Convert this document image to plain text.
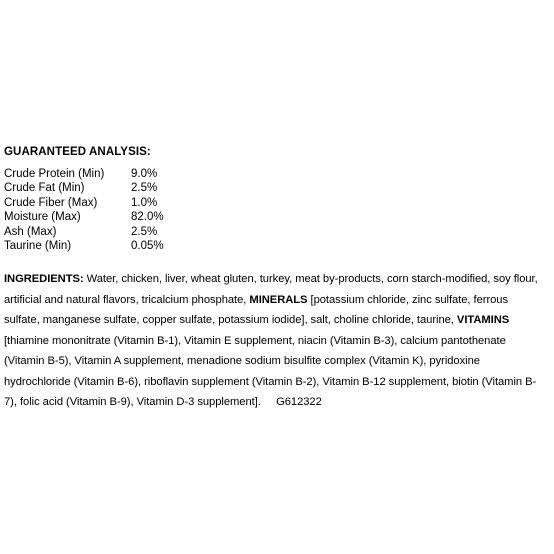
GUARANTEED ANALYSIS:
Crude Protein (Min)	9.0%
Crude Fat (Min)	2.5%
Crude Fiber (Max)	1.0%
Moisture (Max)	82.0%
Ash (Max)	2.5%
Taurine (Min)	0.05%

INGREDIENTS: Water, chicken, liver, wheat gluten, turkey, meat by-products, corn starch-modified, soy flour, artificial and natural flavors, tricalcium phosphate, MINERALS [potassium chloride, zinc sulfate, ferrous sulfate, manganese sulfate, copper sulfate, potassium iodide], salt, choline chloride, taurine, VITAMINS [thiamine mononitrate (Vitamin B-1), Vitamin E supplement, niacin (Vitamin B-3), calcium pantothenate (Vitamin B-5), Vitamin A supplement, menadione sodium bisulfite complex (Vitamin K), pyridoxine hydrochloride (Vitamin B-6), riboflavin supplement (Vitamin B-2), Vitamin B-12 supplement, biotin (Vitamin B-7), folic acid (Vitamin B-9), Vitamin D-3 supplement]. G612322
